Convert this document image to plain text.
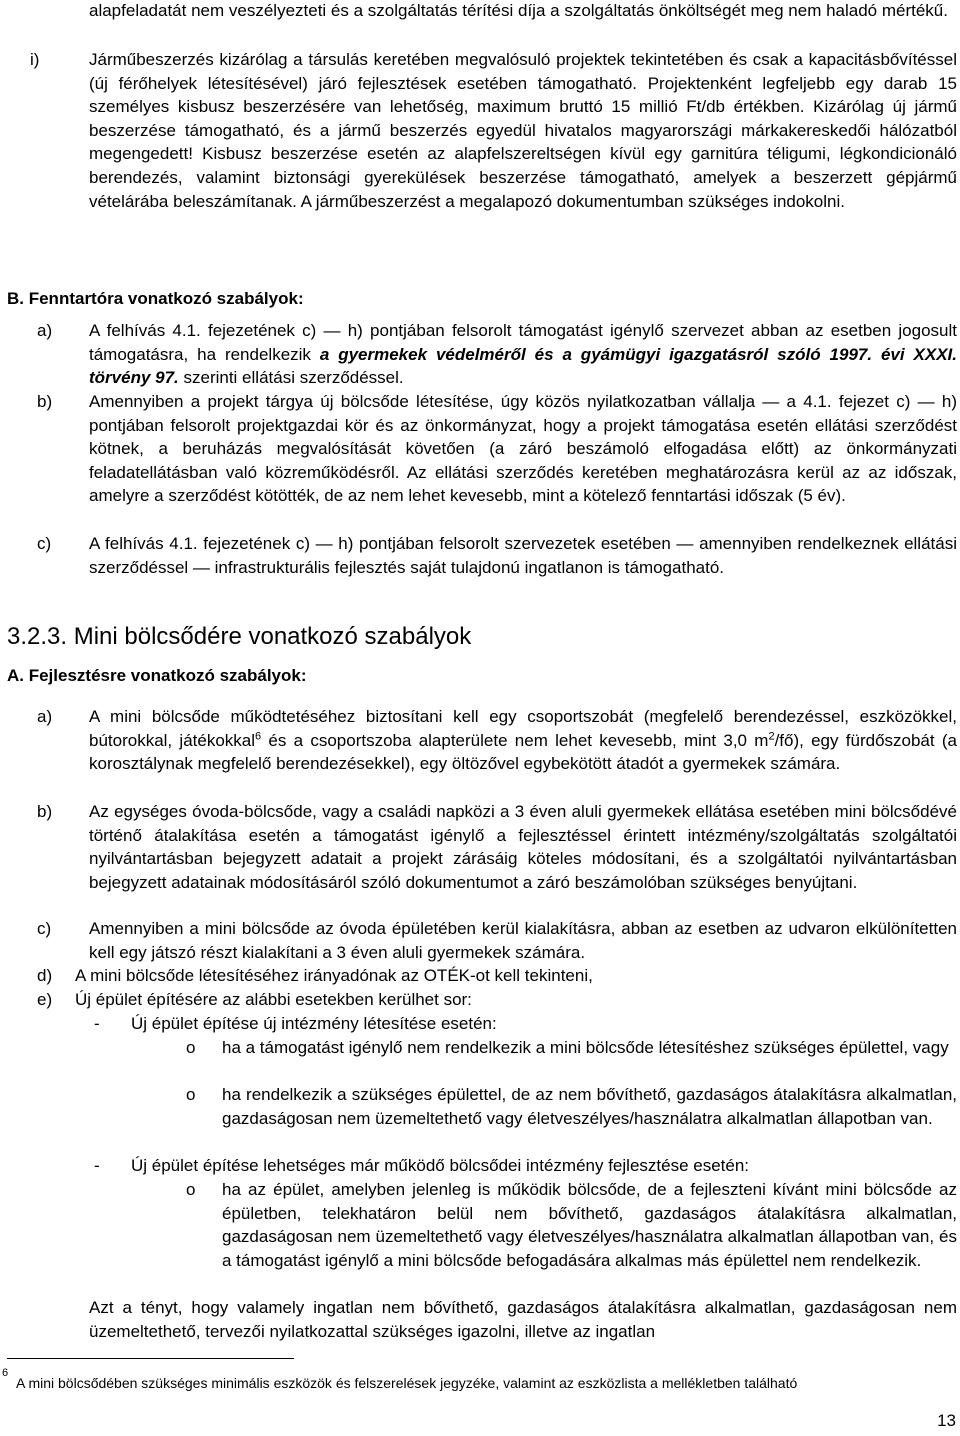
alapfeladatát nem veszélyezteti és a szolgáltatás térítési díja a szolgáltatás önköltségét meg nem haladó mértékű.

i)	Járműbeszerzés kizárólag a társulás keretében megvalósuló projektek tekintetében és csak a kapacitásbővítéssel (új férőhelyek létesítésével) járó fejlesztések esetében támogatható. Projektenként legfeljebb egy darab 15 személyes kisbusz beszerzésére van lehetőség, maximum bruttó 15 millió Ft/db értékben. Kizárólag új jármű beszerzése támogatható, és a jármű beszerzés egyedül hivatalos magyarországi márkakereskedői hálózatból megengedett! Kisbusz beszerzése esetén az alapfelszereltségen kívül egy garnitúra téligumi, légkondicionáló berendezés, valamint biztonsági gyereküIések beszerzése támogatható, amelyek a beszerzett gépjármű vételárába beleszámítanak. A járműbeszerzést a megalapozó dokumentumban szükséges indokolni.

B. Fenntartóra vonatkozó szabályok:
a) A felhívás 4.1. fejezetének c) ― h) pontjában felsorolt támogatást igénylő szervezet abban az esetben jogosult támogatásra, ha rendelkezik a gyermekek védelméről és a gyámügyi igazgatásról szóló 1997. évi XXXI. törvény 97. szerinti ellátási szerződéssel.

b) Amennyiben a projekt tárgya új bölcsőde létesítése, úgy közös nyilatkozatban vállalja ― a 4.1. fejezet c) ― h) pontjában felsorolt projektgazdai kör és az önkormányzat, hogy a projekt támogatása esetén ellátási szerződést kötnek, a beruházás megvalósítását követően (a záró beszámoló elfogadása előtt) az önkormányzati feladatellátásban való közreműködésről. Az ellátási szerződés keretében meghatározásra kerül az az időszak, amelyre a szerződést kötötték, de az nem lehet kevesebb, mint a kötelező fenntartási időszak (5 év).

c) A felhívás 4.1. fejezetének c) ― h) pontjában felsorolt szervezetek esetében ― amennyiben rendelkeznek ellátási szerződéssel ― infrastrukturális fejlesztés saját tulajdonú ingatlanon is támogatható.

3.2.3. Mini bölcsődére vonatkozó szabályok
A. Fejlesztésre vonatkozó szabályok:
a) A mini bölcsőde működtetéséhez biztosítani kell egy csoportszobát (megfelelő berendezéssel, eszközökkel, bútorokkal, játékokkal$^6$ és a csoportszoba alapterülete nem lehet kevesebb, mint 3,0 $m^2/fő$), egy fürdőszobát (a korosztálynak megfelelő berendezésekkel), egy öltözővel egybekötött átadót a gyermekek számára.

b) Az egységes óvoda-bölcsőde, vagy a családi napközi a 3 éven aluli gyermekek ellátása esetében mini bölcsődévé történő átalakítása esetén a támogatást igénylő a fejlesztéssel érintett intézmény/szolgáltatás szolgáltatói nyilvántartásban bejegyzett adatait a projekt zárásáig köteles módosítani, és a szolgáltatói nyilvántartásban bejegyzett adatainak módosításáról szóló dokumentumot a záró beszámolóban szükséges benyújtani.

c) Amennyiben a mini bölcsőde az óvoda épületében kerül kialakításra, abban az esetben az udvaron elkülönítetten kell egy játszó részt kialakítani a 3 éven aluli gyermekek számára.

d) A mini bölcsőde létesítéséhez irányadónak az OTÉK-ot kell tekinteni,

e) Új épület építésére az alábbi esetekben kerülhet sor:

- Új épület építése új intézmény létesítése esetén:
o ha a támogatást igénylő nem rendelkezik a mini bölcsőde létesítéshez szükséges épülettel, vagy

o ha rendelkezik a szükséges épülettel, de az nem bővíthető, gazdaságos átalakításra alkalmatlan, gazdaságosan nem üzemeltethető vagy életveszélyes/használatra alkalmatlan állapotban van.

- Új épület építése lehetséges már működő bölcsődei intézmény fejlesztése esetén:
o ha az épület, amelyben jelenleg is működik bölcsőde, de a fejleszteni kívánt mini bölcsőde az épületben, telekhatáron belül nem bővíthető, gazdaságos átalakításra alkalmatlan, gazdaságosan nem üzemeltethető vagy életveszélyes/használatra alkalmatlan állapotban van, és a támogatást igénylő a mini bölcsőde befogadására alkalmas más épülettel nem rendelkezik.

Azt a tényt, hogy valamely ingatlan nem bővíthető, gazdaságos átalakításra alkalmatlan, gazdaságosan nem üzemeltethető, tervezői nyilatkozattal szükséges igazolni, illetve az ingatlan

6
A mini bölcsődében szükséges minimális eszközök és felszerelések jegyzéke, valamint az eszközlista a mellékletben található
13
